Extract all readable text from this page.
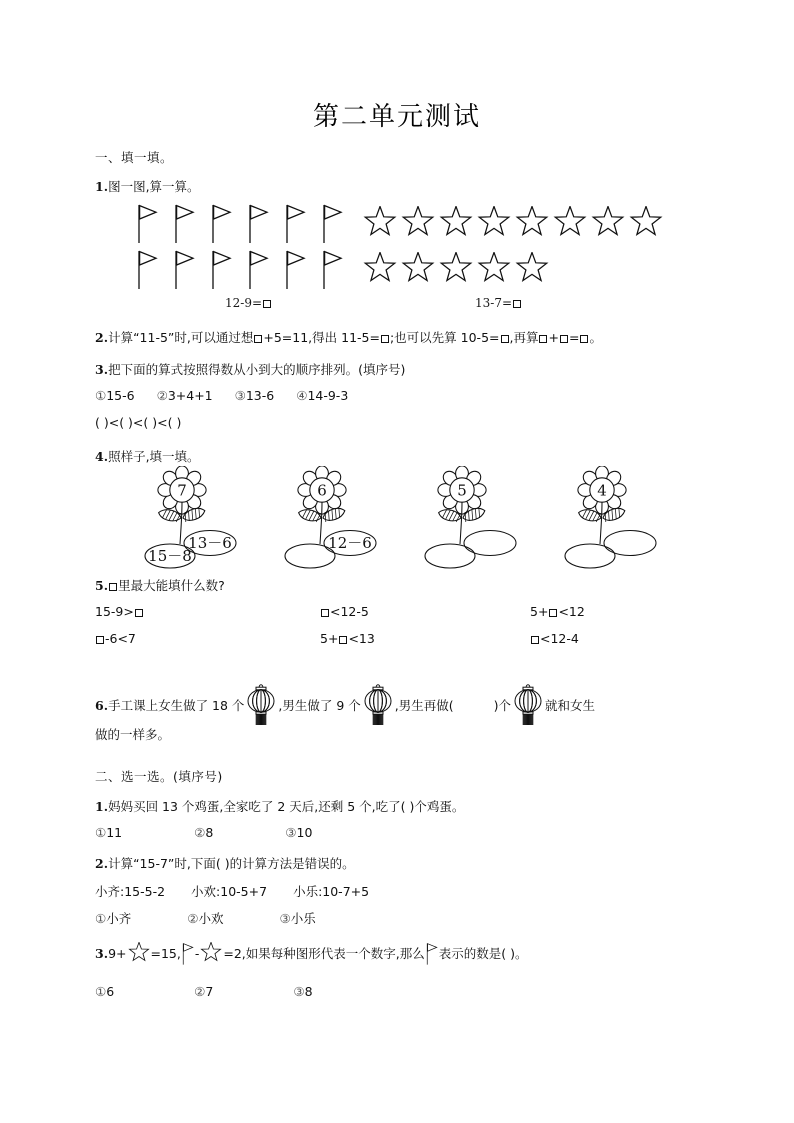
第二单元测试
一、填一填。
1.图一图,算一算。
12-9=	13-7=
2.计算“11-5”时,可以通过想 +5=11,得出 11-5= ;也可以先算 10-5= ,再算 + = 。
3.把下面的算式按照得数从小到大的顺序排列。(填序号)
①15-6 ②3+4+1 ③13-6 ④14-9-3
( )<( )<( )<( )
4.照样子,填一填。
13－6
15－8
7
12－6
6	5	4
5. 里最大能填什么数?
15-9>	<12-5	5+ <12
-6<7	5+ <13	<12-4
6.手工课上女生做了 18 个	,男生做了 9 个	,男生再做(	)个	就和女生
做的一样多。
二、选一选。(填序号)
1.妈妈买回 13 个鸡蛋,全家吃了 2 天后,还剩 5 个,吃了( )个鸡蛋。
①11	②8	③10
2.计算“15-7”时,下面( )的计算方法是错误的。
小齐:15-5-2 小欢:10-5+7 小乐:10-7+5
①小齐	②小欢	③小乐
3.9+ =15, - =2,如果每种图形代表一个数字,那么 表示的数是( )。
①6	②7	③8
